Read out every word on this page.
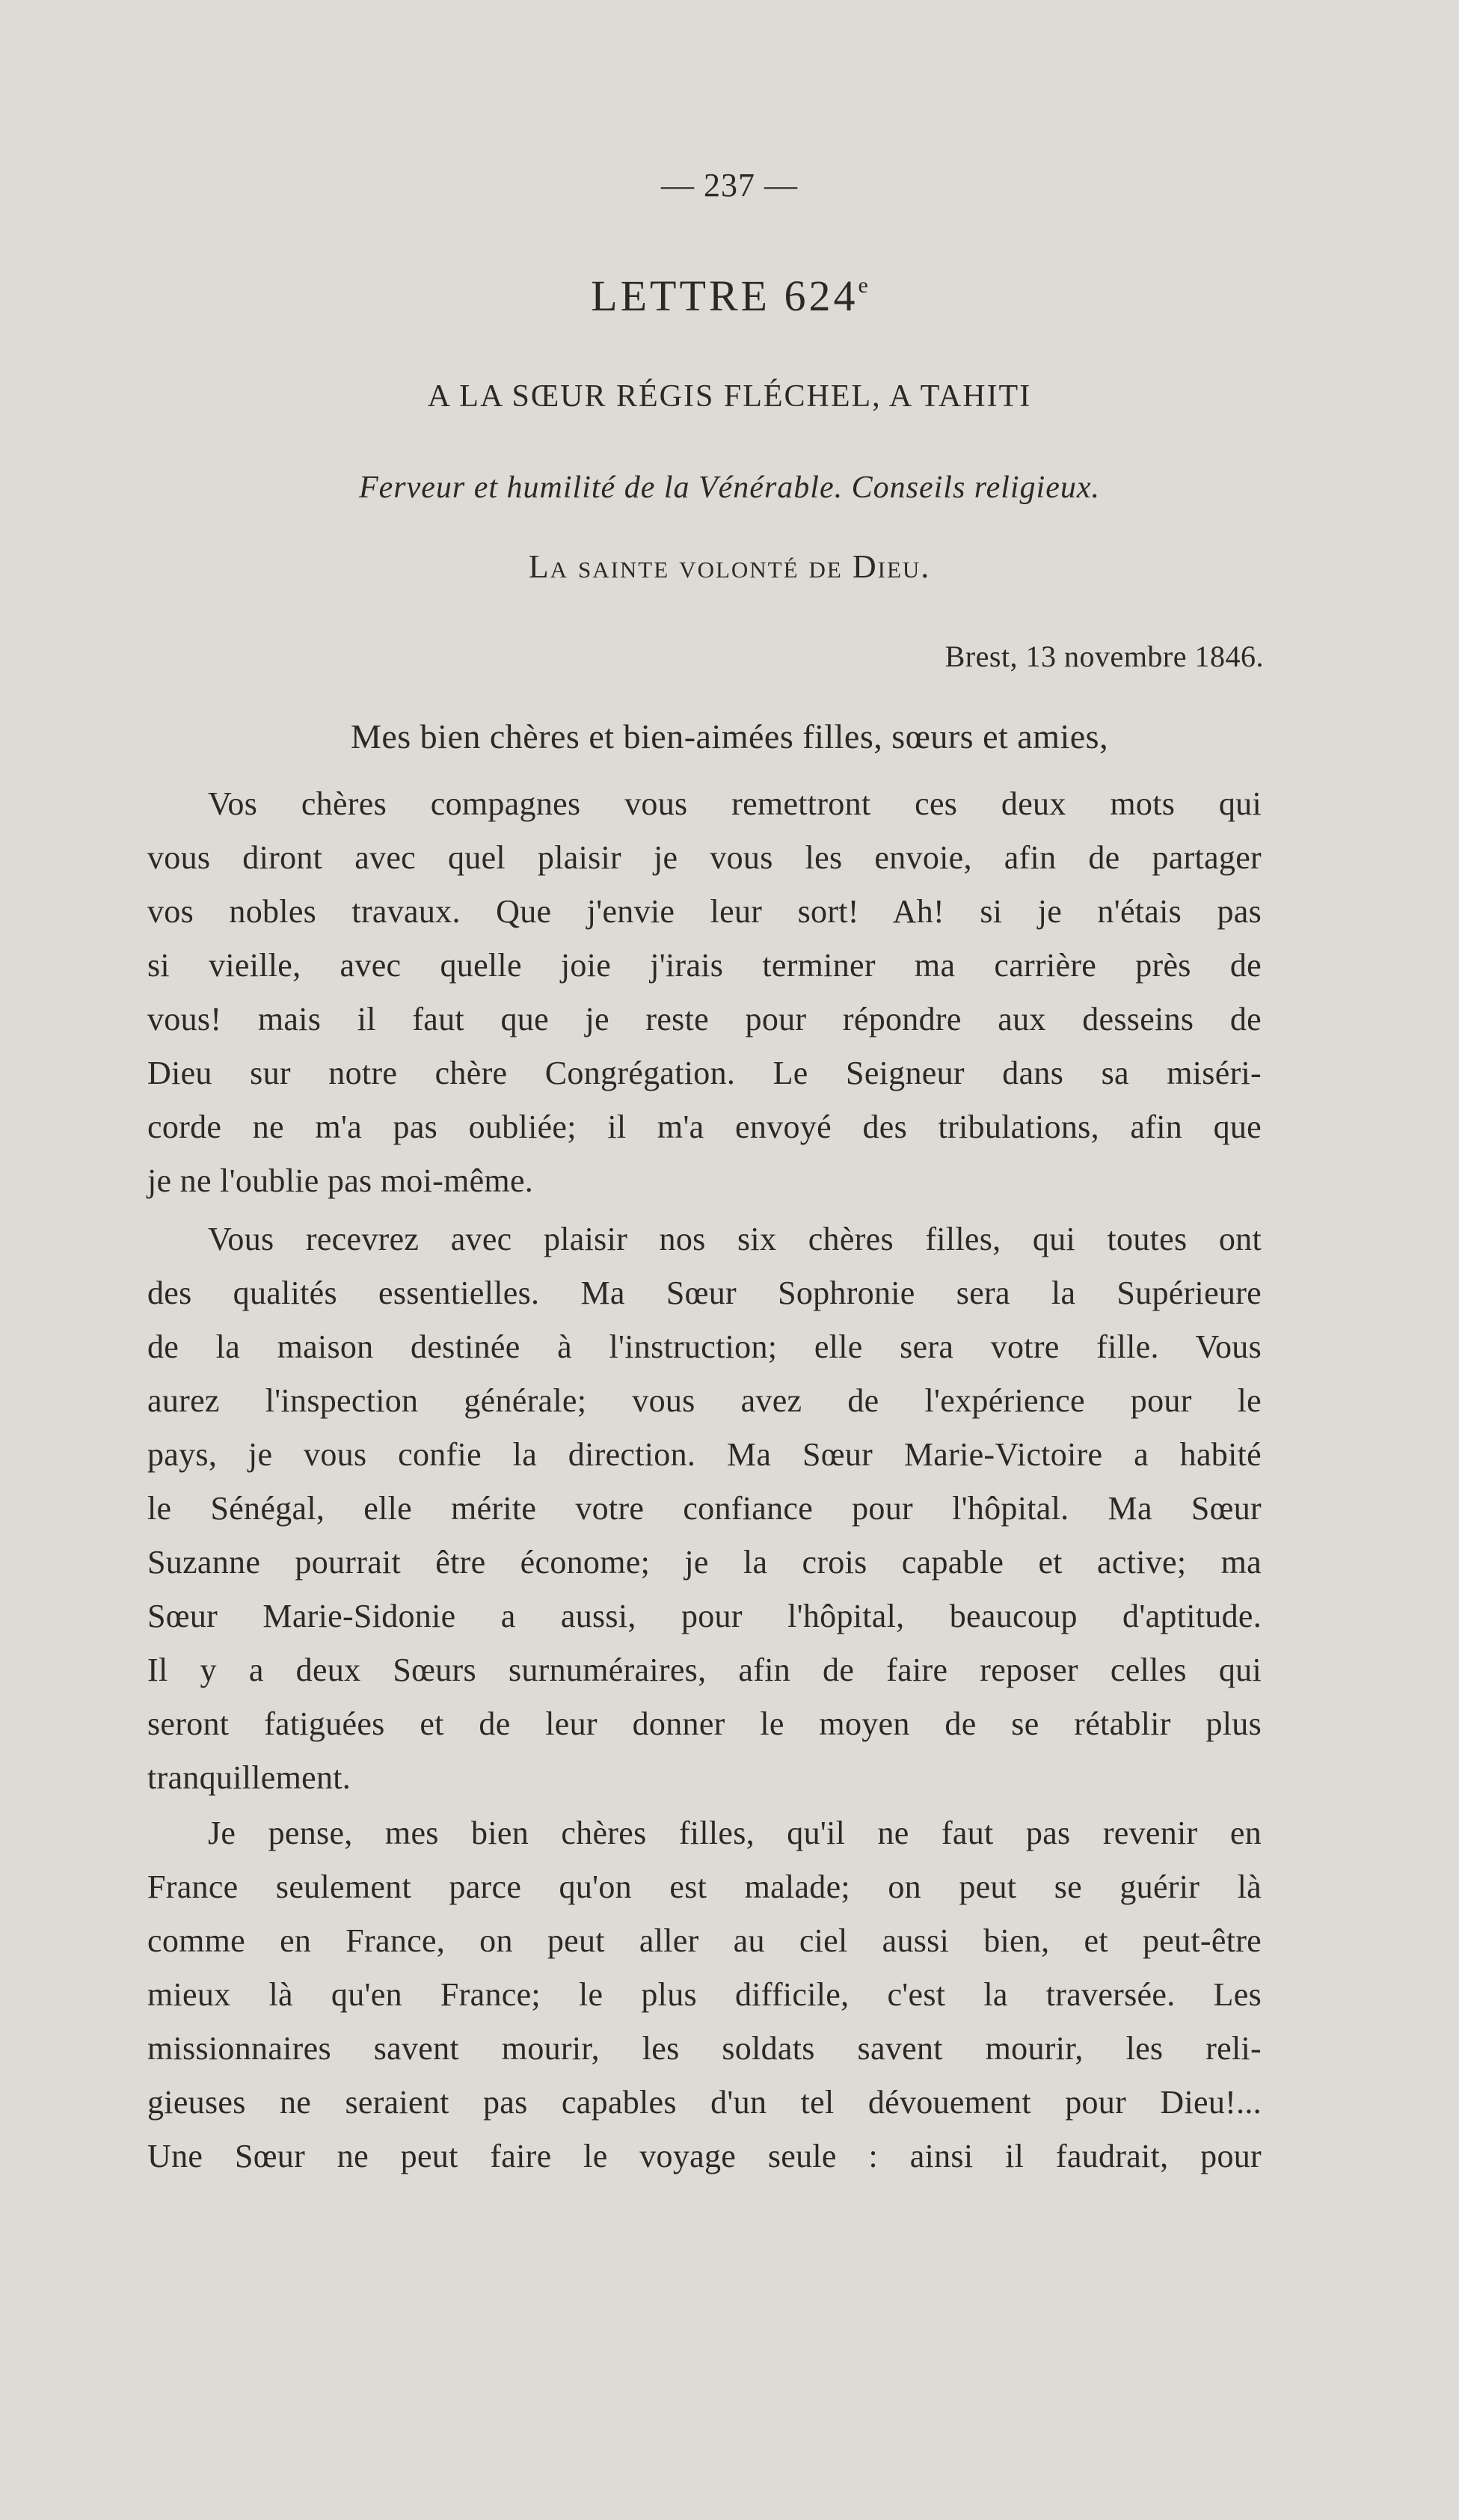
— 237 —
LETTRE 624e
A LA SŒUR RÉGIS FLÉCHEL, A TAHITI
Ferveur et humilité de la Vénérable. Conseils religieux.
La sainte volonté de Dieu.
Brest, 13 novembre 1846.
Mes bien chères et bien-aimées filles, sœurs et amies,
Vos chères compagnes vous remettront ces deux mots qui
vous diront avec quel plaisir je vous les envoie, afin de partager
vos nobles travaux. Que j'envie leur sort! Ah! si je n'étais pas
si vieille, avec quelle joie j'irais terminer ma carrière près de
vous! mais il faut que je reste pour répondre aux desseins de
Dieu sur notre chère Congrégation. Le Seigneur dans sa miséri-
corde ne m'a pas oubliée; il m'a envoyé des tribulations, afin que
je ne l'oublie pas moi-même.
Vous recevrez avec plaisir nos six chères filles, qui toutes ont
des qualités essentielles. Ma Sœur Sophronie sera la Supérieure
de la maison destinée à l'instruction; elle sera votre fille. Vous
aurez l'inspection générale; vous avez de l'expérience pour le
pays, je vous confie la direction. Ma Sœur Marie-Victoire a habité
le Sénégal, elle mérite votre confiance pour l'hôpital. Ma Sœur
Suzanne pourrait être économe; je la crois capable et active; ma
Sœur Marie-Sidonie a aussi, pour l'hôpital, beaucoup d'aptitude.
Il y a deux Sœurs surnuméraires, afin de faire reposer celles qui
seront fatiguées et de leur donner le moyen de se rétablir plus
tranquillement.
Je pense, mes bien chères filles, qu'il ne faut pas revenir en
France seulement parce qu'on est malade; on peut se guérir là
comme en France, on peut aller au ciel aussi bien, et peut-être
mieux là qu'en France; le plus difficile, c'est la traversée. Les
missionnaires savent mourir, les soldats savent mourir, les reli-
gieuses ne seraient pas capables d'un tel dévouement pour Dieu!...
Une Sœur ne peut faire le voyage seule : ainsi il faudrait, pour
